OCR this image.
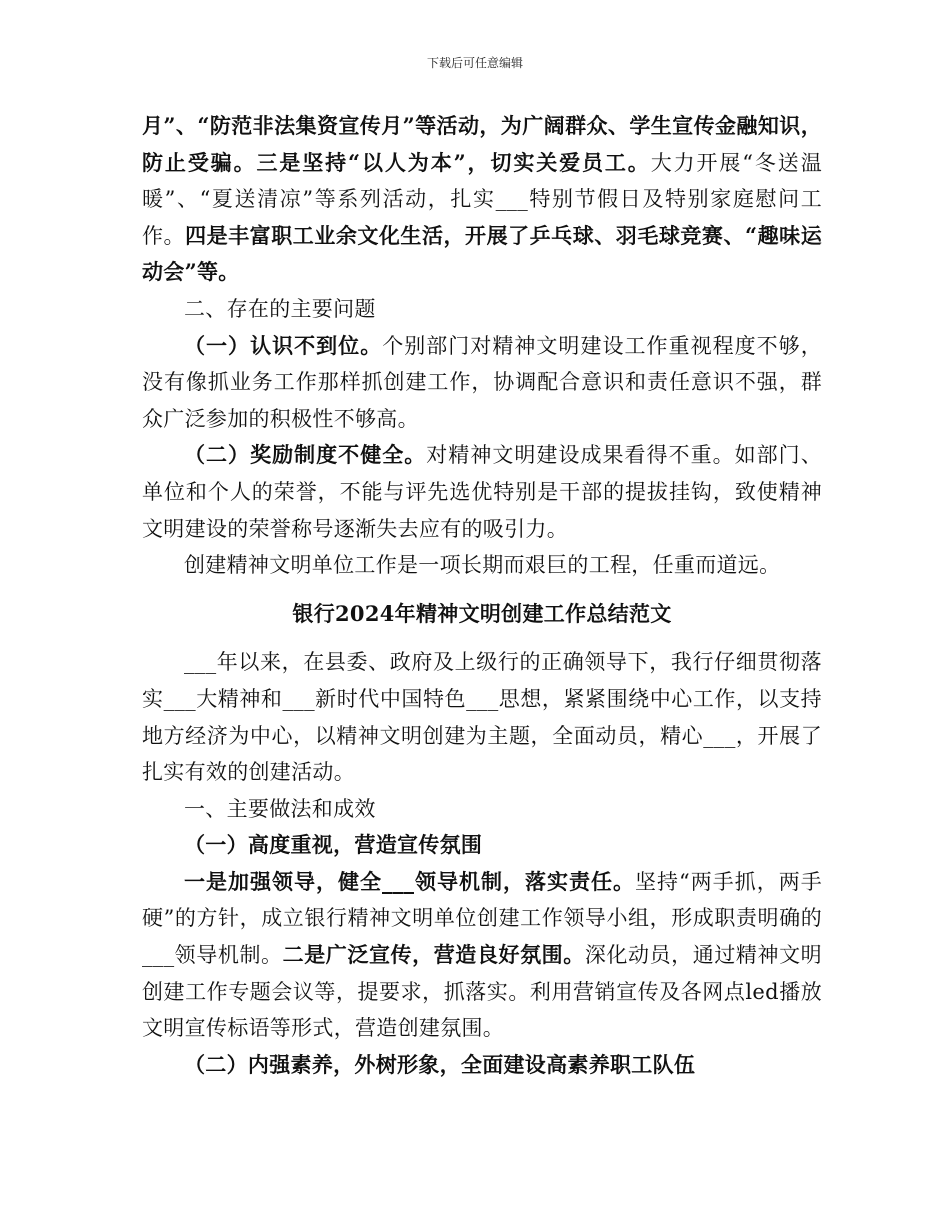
下载后可任意编辑

月”、“防范非法集资宣传月”等活动，为广阔群众、学生宣传金融知识，防止受骗。三是坚持“以人为本”，切实关爱员工。大力开展“冬送温暖”、“夏送清凉”等系列活动，扎实___特别节假日及特别家庭慰问工作。四是丰富职工业余文化生活，开展了乒乓球、羽毛球竞赛、“趣味运动会”等。

二、存在的主要问题

（一）认识不到位。个别部门对精神文明建设工作重视程度不够，没有像抓业务工作那样抓创建工作，协调配合意识和责任意识不强，群众广泛参加的积极性不够高。

（二）奖励制度不健全。对精神文明建设成果看得不重。如部门、单位和个人的荣誉，不能与评先选优特别是干部的提拔挂钩，致使精神文明建设的荣誉称号逐渐失去应有的吸引力。

创建精神文明单位工作是一项长期而艰巨的工程，任重而道远。

银行2024年精神文明创建工作总结范文

___年以来，在县委、政府及上级行的正确领导下，我行仔细贯彻落实___大精神和___新时代中国特色___思想，紧紧围绕中心工作，以支持地方经济为中心，以精神文明创建为主题，全面动员，精心___，开展了扎实有效的创建活动。

一、主要做法和成效

（一）高度重视，营造宣传氛围

一是加强领导，健全___领导机制，落实责任。坚持“两手抓，两手硬”的方针，成立银行精神文明单位创建工作领导小组，形成职责明确的___领导机制。二是广泛宣传，营造良好氛围。深化动员，通过精神文明创建工作专题会议等，提要求，抓落实。利用营销宣传及各网点led播放文明宣传标语等形式，营造创建氛围。

（二）内强素养，外树形象，全面建设高素养职工队伍
